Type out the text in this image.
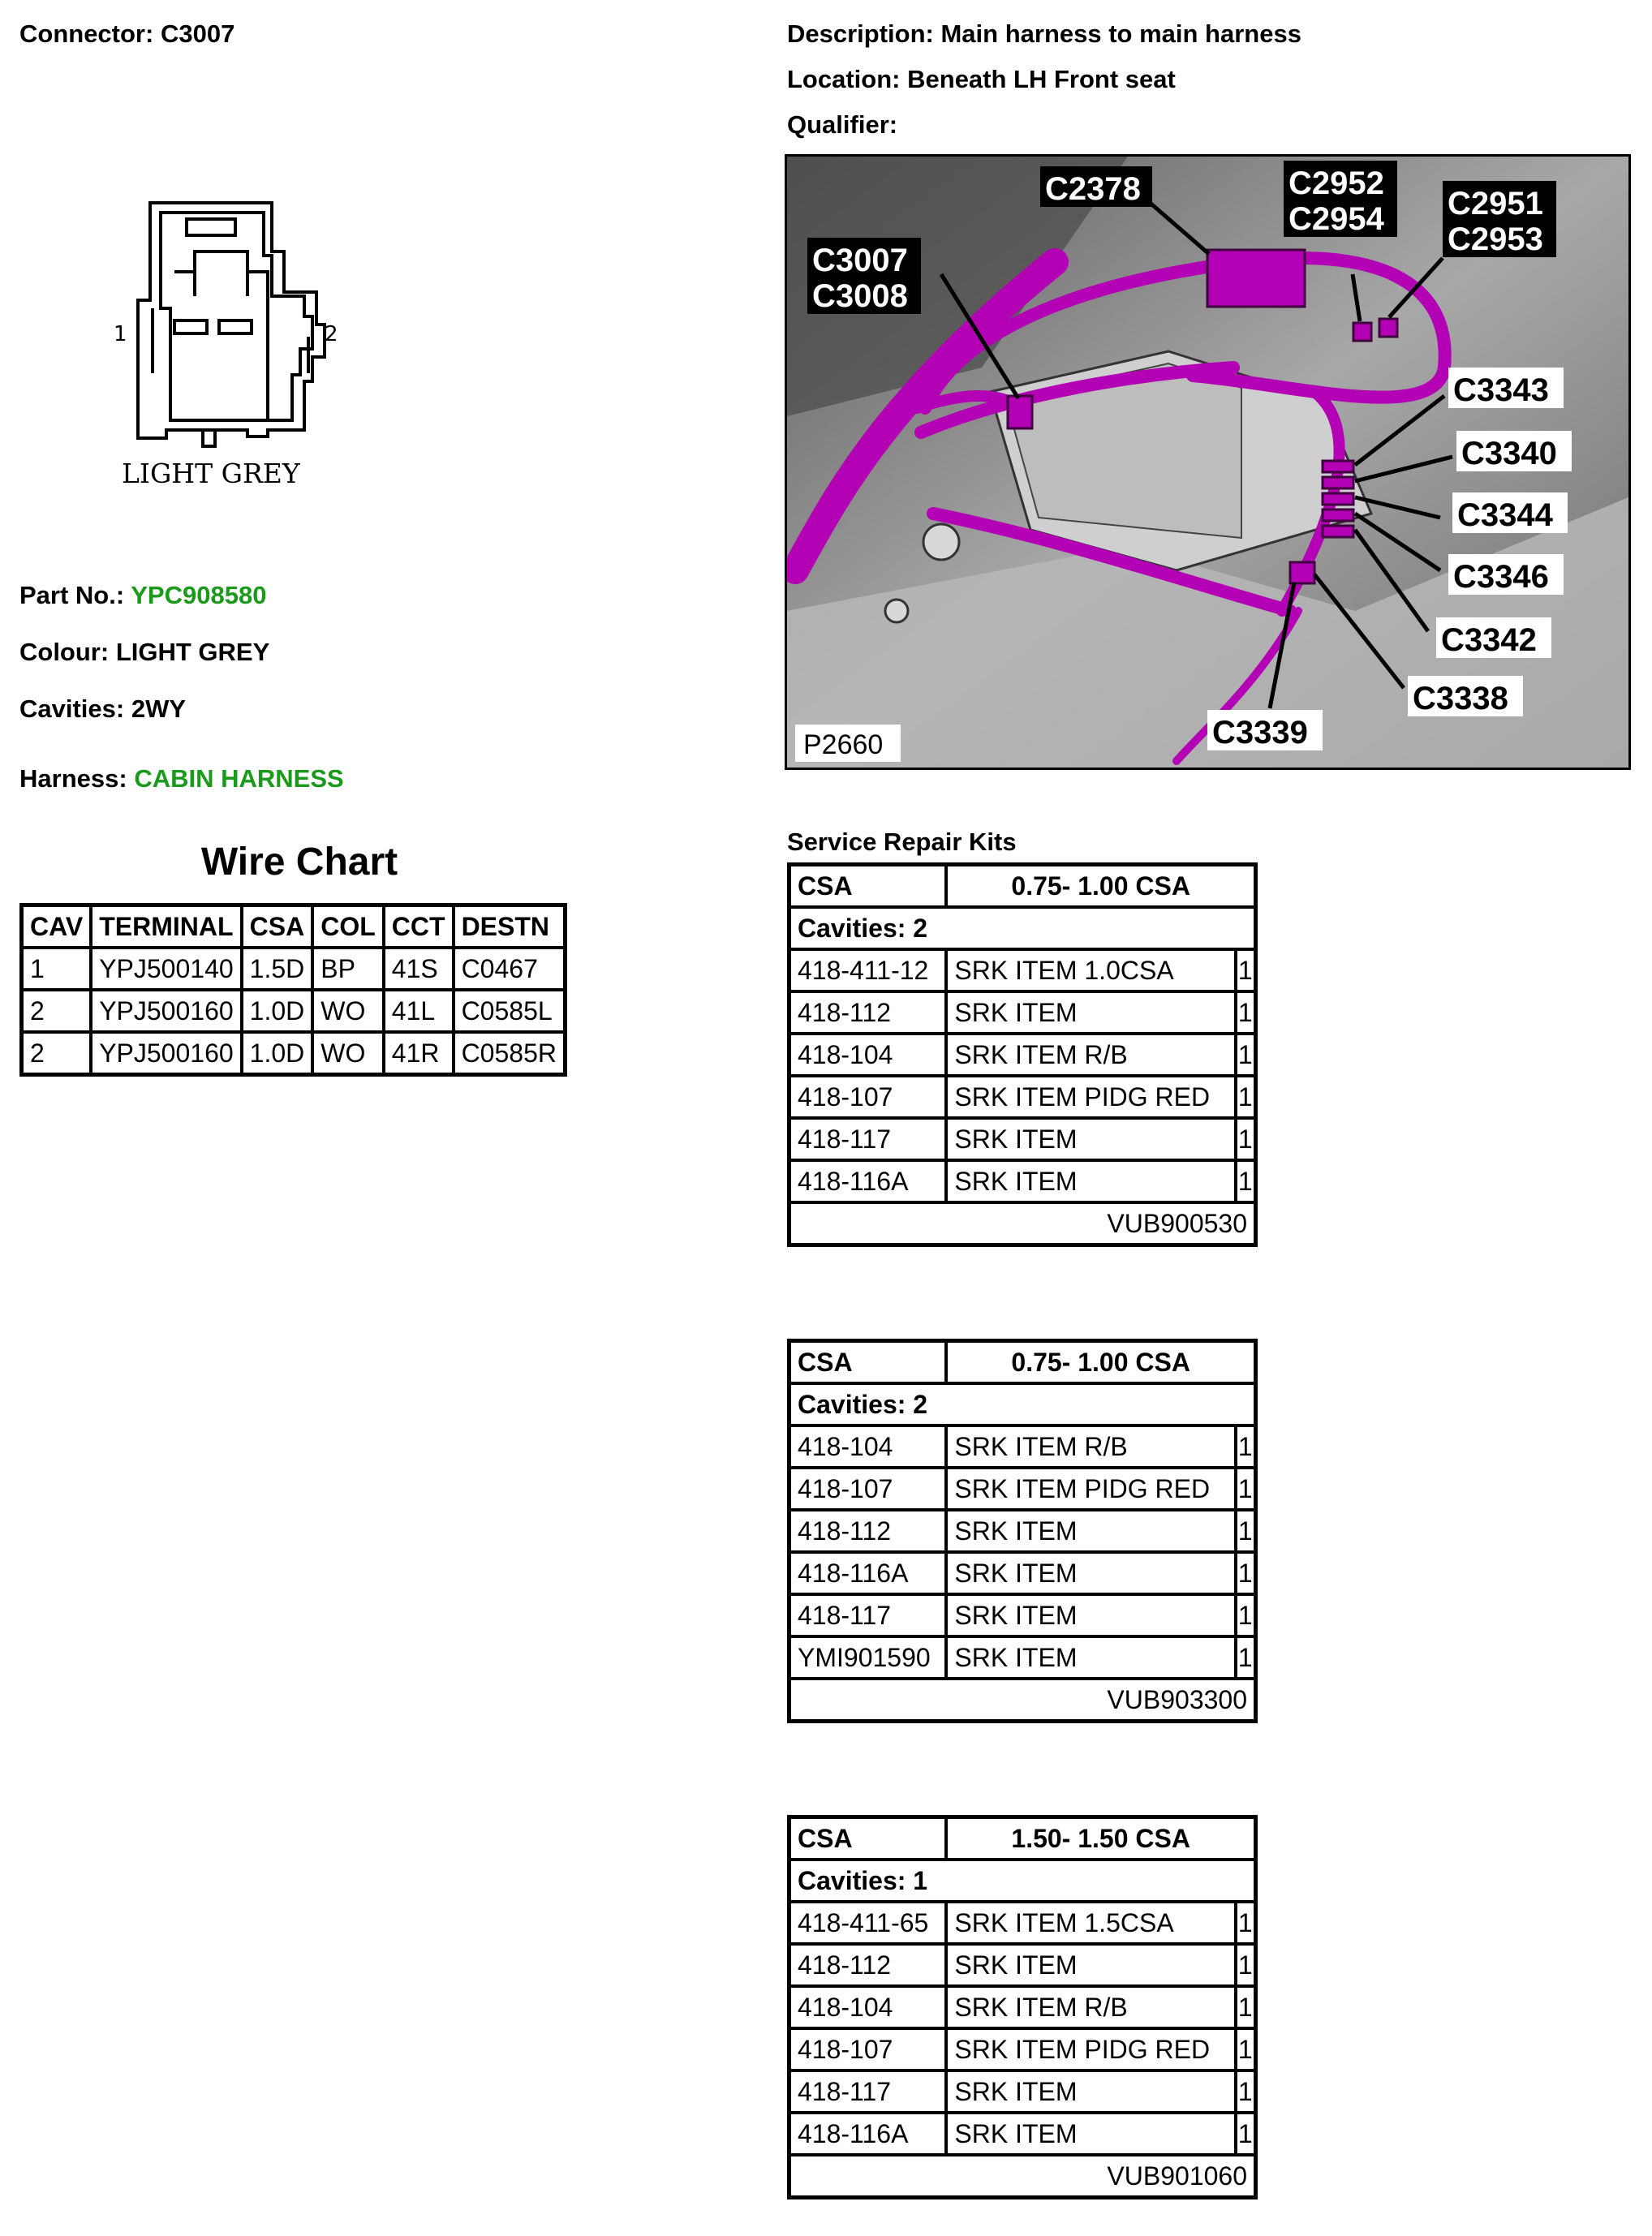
Connector: C3007	Description: Main harness to main harness
Location: Beneath LH Front seat
Qualifier:
1	2
LIGHT GREY
Part No.: YPC908580
Colour: LIGHT GREY
Cavities: 2WY
Harness: CABIN HARNESS
Wire Chart
CAV	TERMINAL	CSA	COL	CCT	DESTN
1	YPJ500140	1.5D	BP	41S	C0467
2	YPJ500160	1.0D	WO	41L	C0585L
2	YPJ500160	1.0D	WO	41R	C0585R
C2378	C2952
C2954 C2951
C2953
C3007
C3008
C3343
C3340
C3344
C3346
C3342
C3338
C3339
P2660
Service Repair Kits
CSA	0.75- 1.00 CSA	
Cavities: 2		
418-411-12	SRK ITEM 1.0CSA	1
418-112	SRK ITEM	1
418-104	SRK ITEM R/B	1
418-107	SRK ITEM PIDG RED	1
418-117	SRK ITEM	1
418-116A	SRK ITEM	1
VUB900530		
CSA	0.75- 1.00 CSA	
Cavities: 2		
418-104	SRK ITEM R/B	1
418-107	SRK ITEM PIDG RED	1
418-112	SRK ITEM	1
418-116A	SRK ITEM	1
418-117	SRK ITEM	1
YMI901590	SRK ITEM	1
VUB903300		
CSA	1.50- 1.50 CSA	
Cavities: 1		
418-411-65	SRK ITEM 1.5CSA	1
418-112	SRK ITEM	1
418-104	SRK ITEM R/B	1
418-107	SRK ITEM PIDG RED	1
418-117	SRK ITEM	1
418-116A	SRK ITEM	1
VUB901060		
